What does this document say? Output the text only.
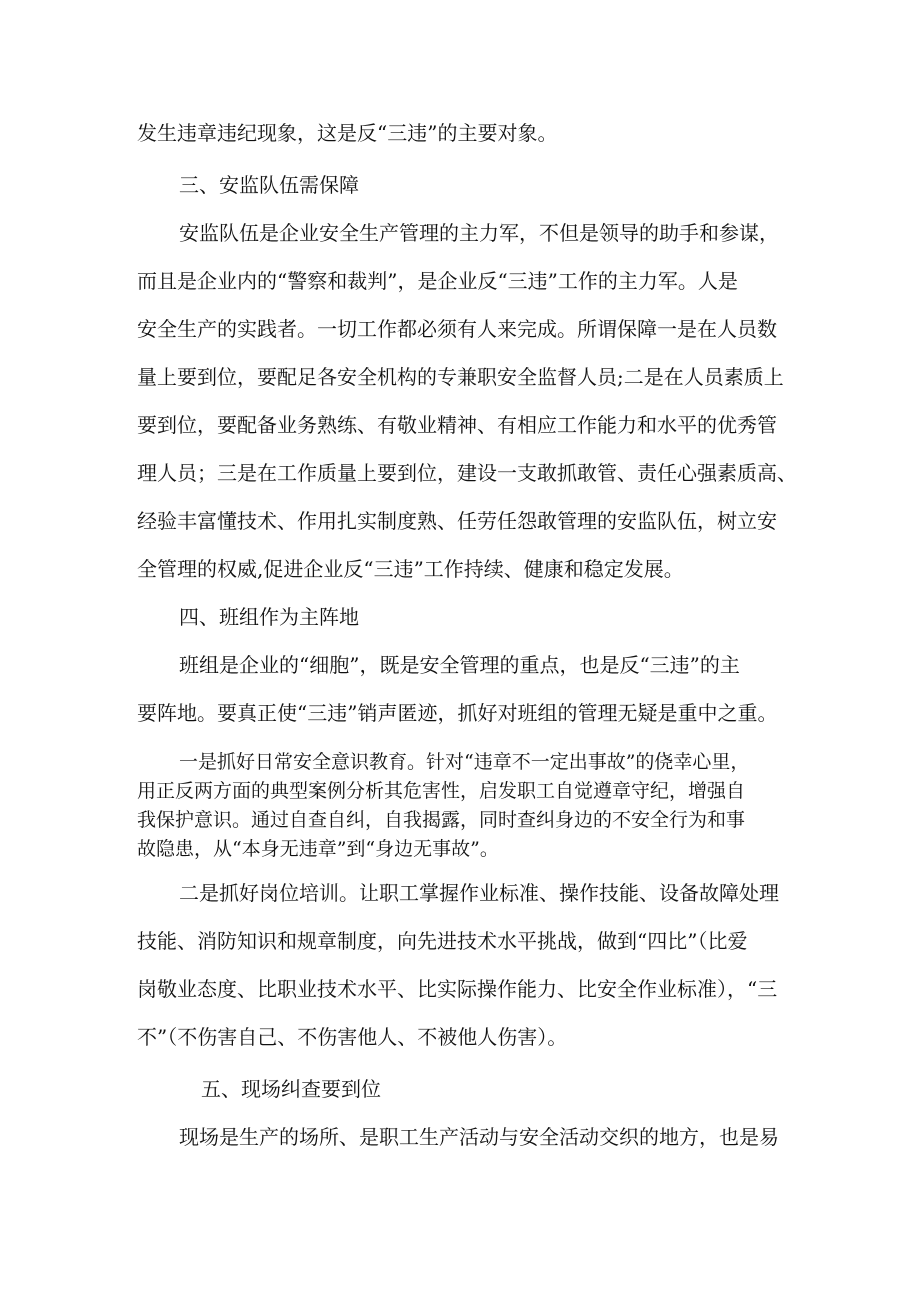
发生违章违纪现象，这是反“三违”的主要对象。
三、安监队伍需保障
安监队伍是企业安全生产管理的主力军，不但是领导的助手和参谋，
而且是企业内的“警察和裁判”，是企业反“三违”工作的主力军。人是
安全生产的实践者。一切工作都必须有人来完成。所谓保障一是在人员数
量上要到位，要配足各安全机构的专兼职安全监督人员;二是在人员素质上
要到位，要配备业务熟练、有敬业精神、有相应工作能力和水平的优秀管
理人员；三是在工作质量上要到位，建设一支敢抓敢管、责任心强素质高、
经验丰富懂技术、作用扎实制度熟、任劳任怨敢管理的安监队伍，树立安
全管理的权威,促进企业反“三违”工作持续、健康和稳定发展。
四、班组作为主阵地
班组是企业的“细胞”，既是安全管理的重点，也是反“三违”的主
要阵地。要真正使“三违”销声匿迹，抓好对班组的管理无疑是重中之重。
一是抓好日常安全意识教育。针对“违章不一定出事故”的侥幸心里，
用正反两方面的典型案例分析其危害性，启发职工自觉遵章守纪，增强自
我保护意识。通过自查自纠，自我揭露，同时查纠身边的不安全行为和事
故隐患，从“本身无违章”到“身边无事故”。
二是抓好岗位培训。让职工掌握作业标准、操作技能、设备故障处理
技能、消防知识和规章制度，向先进技术水平挑战，做到“四比”（比爱
岗敬业态度、比职业技术水平、比实际操作能力、比安全作业标准），“三
不”（不伤害自己、不伤害他人、不被他人伤害）。
五、现场纠查要到位
现场是生产的场所、是职工生产活动与安全活动交织的地方，也是易
